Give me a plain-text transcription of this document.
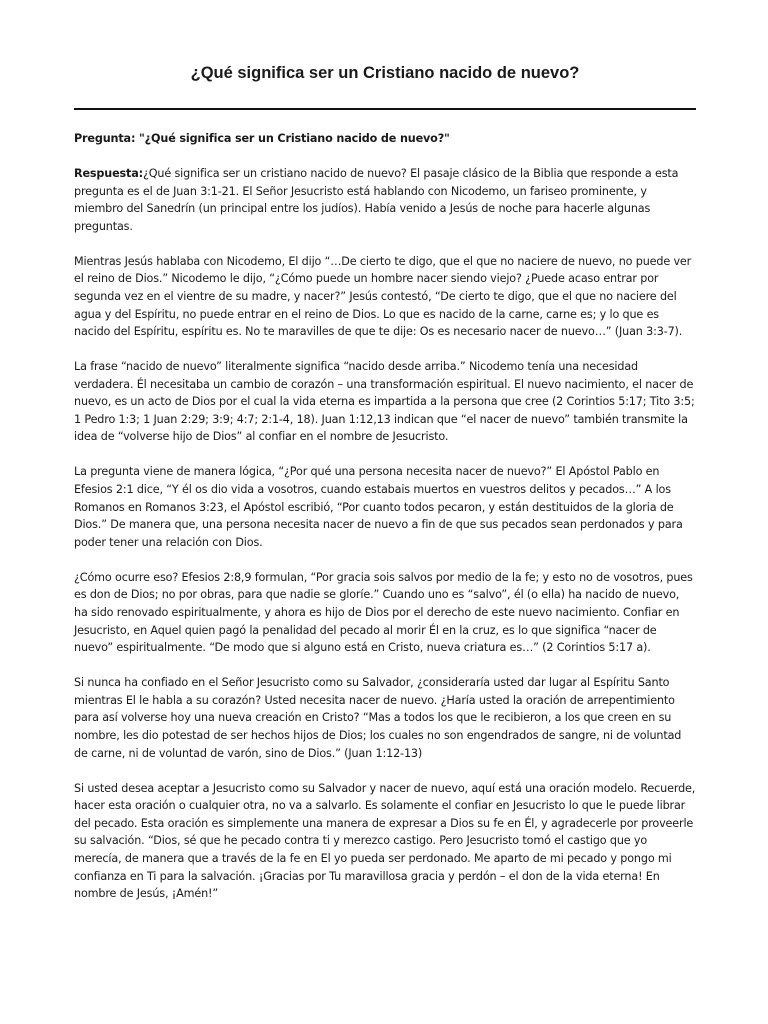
¿Qué significa ser un Cristiano nacido de nuevo?

Pregunta: "¿Qué significa ser un Cristiano nacido de nuevo?"

Respuesta:¿Qué significa ser un cristiano nacido de nuevo? El pasaje clásico de la Biblia que responde a esta pregunta es el de Juan 3:1-21. El Señor Jesucristo está hablando con Nicodemo, un fariseo prominente, y miembro del Sanedrín (un principal entre los judíos). Había venido a Jesús de noche para hacerle algunas preguntas.

Mientras Jesús hablaba con Nicodemo, El dijo “…De cierto te digo, que el que no naciere de nuevo, no puede ver el reino de Dios.” Nicodemo le dijo, “¿Cómo puede un hombre nacer siendo viejo? ¿Puede acaso entrar por segunda vez en el vientre de su madre, y nacer?” Jesús contestó, “De cierto te digo, que el que no naciere del agua y del Espíritu, no puede entrar en el reino de Dios. Lo que es nacido de la carne, carne es; y lo que es nacido del Espíritu, espíritu es. No te maravilles de que te dije: Os es necesario nacer de nuevo…” (Juan 3:3-7).

La frase “nacido de nuevo” literalmente significa “nacido desde arriba.” Nicodemo tenía una necesidad verdadera. Él necesitaba un cambio de corazón – una transformación espiritual. El nuevo nacimiento, el nacer de nuevo, es un acto de Dios por el cual la vida eterna es impartida a la persona que cree (2 Corintios 5:17; Tito 3:5; 1 Pedro 1:3; 1 Juan 2:29; 3:9; 4:7; 2:1-4, 18). Juan 1:12,13 indican que “el nacer de nuevo” también transmite la idea de “volverse hijo de Dios” al confiar en el nombre de Jesucristo.

La pregunta viene de manera lógica, “¿Por qué una persona necesita nacer de nuevo?” El Apóstol Pablo en Efesios 2:1 dice, “Y él os dio vida a vosotros, cuando estabais muertos en vuestros delitos y pecados…” A los Romanos en Romanos 3:23, el Apóstol escribió, “Por cuanto todos pecaron, y están destituidos de la gloria de Dios.” De manera que, una persona necesita nacer de nuevo a fin de que sus pecados sean perdonados y para poder tener una relación con Dios.

¿Cómo ocurre eso? Efesios 2:8,9 formulan, “Por gracia sois salvos por medio de la fe; y esto no de vosotros, pues es don de Dios; no por obras, para que nadie se gloríe.” Cuando uno es “salvo”, él (o ella) ha nacido de nuevo, ha sido renovado espiritualmente, y ahora es hijo de Dios por el derecho de este nuevo nacimiento. Confiar en Jesucristo, en Aquel quien pagó la penalidad del pecado al morir Él en la cruz, es lo que significa “nacer de nuevo” espiritualmente. “De modo que si alguno está en Cristo, nueva criatura es…” (2 Corintios 5:17 a).

Si nunca ha confiado en el Señor Jesucristo como su Salvador, ¿consideraría usted dar lugar al Espíritu Santo mientras El le habla a su corazón? Usted necesita nacer de nuevo. ¿Haría usted la oración de arrepentimiento para así volverse hoy una nueva creación en Cristo? “Mas a todos los que le recibieron, a los que creen en su nombre, les dio potestad de ser hechos hijos de Dios; los cuales no son engendrados de sangre, ni de voluntad de carne, ni de voluntad de varón, sino de Dios.” (Juan 1:12-13)

Si usted desea aceptar a Jesucristo como su Salvador y nacer de nuevo, aquí está una oración modelo. Recuerde, hacer esta oración o cualquier otra, no va a salvarlo. Es solamente el confiar en Jesucristo lo que le puede librar del pecado. Esta oración es simplemente una manera de expresar a Dios su fe en Él, y agradecerle por proveerle su salvación. “Dios, sé que he pecado contra ti y merezco castigo. Pero Jesucristo tomó el castigo que yo merecía, de manera que a través de la fe en El yo pueda ser perdonado. Me aparto de mi pecado y pongo mi confianza en Ti para la salvación. ¡Gracias por Tu maravillosa gracia y perdón – el don de la vida eterna! En nombre de Jesús, ¡Amén!”
